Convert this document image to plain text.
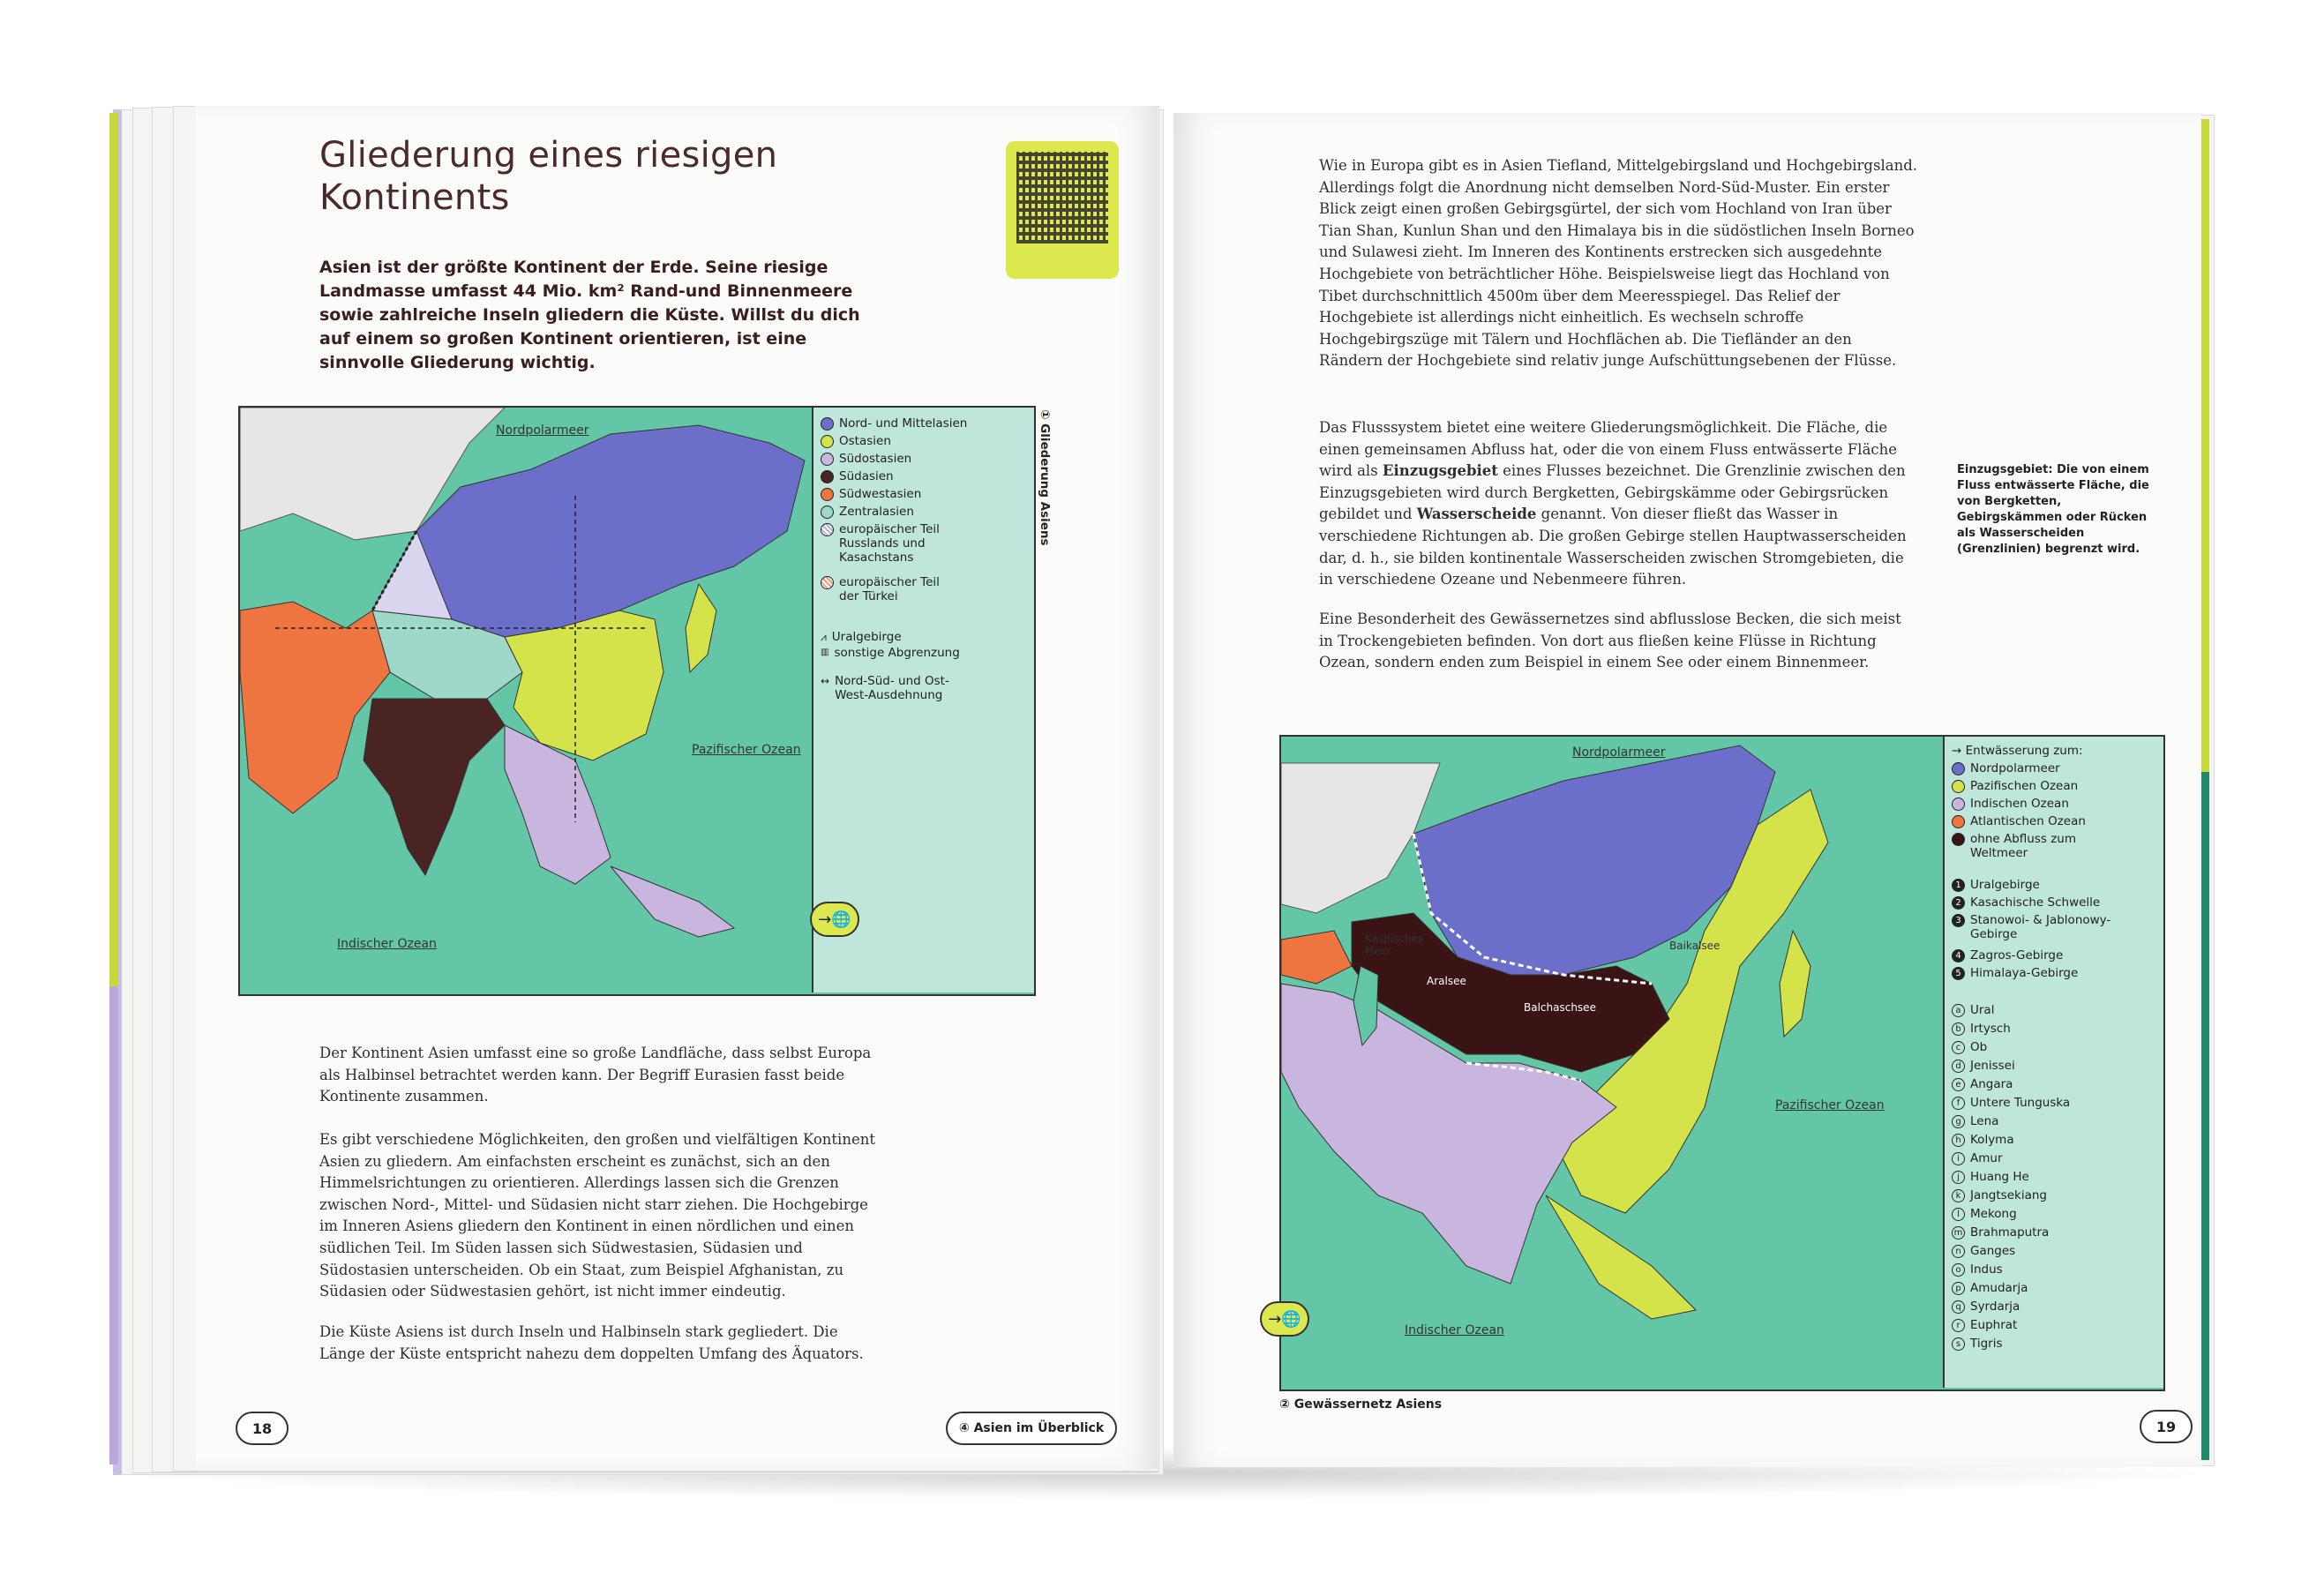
Gliederung eines riesigen
Kontinents
Asien ist der größte Kontinent der Erde. Seine riesige Landmasse umfasst 44 Mio. km² Rand-und Binnenmeere sowie zahlreiche Inseln gliedern die Küste. Willst du dich auf einem so großen Kontinent orientieren, ist eine sinnvolle Gliederung wichtig.
Nordpolarmeer
Pazifischer Ozean
Indischer Ozean
Nord- und Mittelasien
Ostasien
Südostasien
Südasien
Südwestasien
Zentralasien
europäischer Teil Russlands und Kasachstans
europäischer Teil der Türkei
⩘ Uralgebirge
▥ sonstige Abgrenzung
↔ Nord-Süd- und Ost-West-Ausdehnung
→🌐
① Gliederung Asiens
Der Kontinent Asien umfasst eine so große Landfläche, dass selbst Europa als Halbinsel betrachtet werden kann. Der Begriff Eurasien fasst beide Kontinente zusammen.
Es gibt verschiedene Möglichkeiten, den großen und vielfältigen Kontinent Asien zu gliedern. Am einfachsten erscheint es zunächst, sich an den Himmelsrichtungen zu orientieren. Allerdings lassen sich die Grenzen zwischen Nord-, Mittel- und Südasien nicht starr ziehen. Die Hochgebirge im Inneren Asiens gliedern den Kontinent in einen nördlichen und einen südlichen Teil. Im Süden lassen sich Südwestasien, Südasien und Südostasien unterscheiden. Ob ein Staat, zum Beispiel Afghanistan, zu Südasien oder Südwestasien gehört, ist nicht immer eindeutig.
Die Küste Asiens ist durch Inseln und Halbinseln stark gegliedert. Die Länge der Küste entspricht nahezu dem doppelten Umfang des Äquators.
18	④ Asien im Überblick
Wie in Europa gibt es in Asien Tiefland, Mittelgebirgsland und Hochgebirgsland. Allerdings folgt die Anordnung nicht demselben Nord-Süd-Muster. Ein erster Blick zeigt einen großen Gebirgsgürtel, der sich vom Hochland von Iran über Tian Shan, Kunlun Shan und den Himalaya bis in die südöstlichen Inseln Borneo und Sulawesi zieht. Im Inneren des Kontinents erstrecken sich ausgedehnte Hochgebiete von beträchtlicher Höhe. Beispielsweise liegt das Hochland von Tibet durchschnittlich 4500m über dem Meeresspiegel. Das Relief der Hochgebiete ist allerdings nicht einheitlich. Es wechseln schroffe Hochgebirgszüge mit Tälern und Hochflächen ab. Die Tiefländer an den Rändern der Hochgebiete sind relativ junge Aufschüttungsebenen der Flüsse.
Das Flusssystem bietet eine weitere Gliederungsmöglichkeit. Die Fläche, die einen gemeinsamen Abfluss hat, oder die von einem Fluss entwässerte Fläche wird als Einzugsgebiet eines Flusses bezeichnet. Die Grenzlinie zwischen den Einzugsgebieten wird durch Bergketten, Gebirgskämme oder Gebirgsrücken gebildet und Wasserscheide genannt. Von dieser fließt das Wasser in verschiedene Richtungen ab. Die großen Gebirge stellen Hauptwasserscheiden dar, d. h., sie bilden kontinentale Wasserscheiden zwischen Stromgebieten, die in verschiedene Ozeane und Nebenmeere führen.
Eine Besonderheit des Gewässernetzes sind abflusslose Becken, die sich meist in Trockengebieten befinden. Von dort aus fließen keine Flüsse in Richtung Ozean, sondern enden zum Beispiel in einem See oder einem Binnenmeer.
Einzugsgebiet: Die von einem Fluss entwässerte Fläche, die von Bergketten, Gebirgskämmen oder Rücken als Wasserscheiden (Grenzlinien) begrenzt wird.
Nordpolarmeer
Pazifischer Ozean
Indischer Ozean
Kaspisches Meer
Aralsee
Baikalsee
Balchaschsee
→ Entwässerung zum:
Nordpolarmeer
Pazifischen Ozean
Indischen Ozean
Atlantischen Ozean
ohne Abfluss zum Weltmeer
1 Uralgebirge
2 Kasachische Schwelle
3 Stanowoi- & Jablonowy-Gebirge
4 Zagros-Gebirge
5 Himalaya-Gebirge
a Ural
b Irtysch
c Ob
d Jenissei
e Angara
f Untere Tunguska
g Lena
h Kolyma
i Amur
j Huang He
k Jangtsekiang
l Mekong
m Brahmaputra
n Ganges
o Indus
p Amudarja
q Syrdarja
r Euphrat
s Tigris
→🌐
② Gewässernetz Asiens
19
